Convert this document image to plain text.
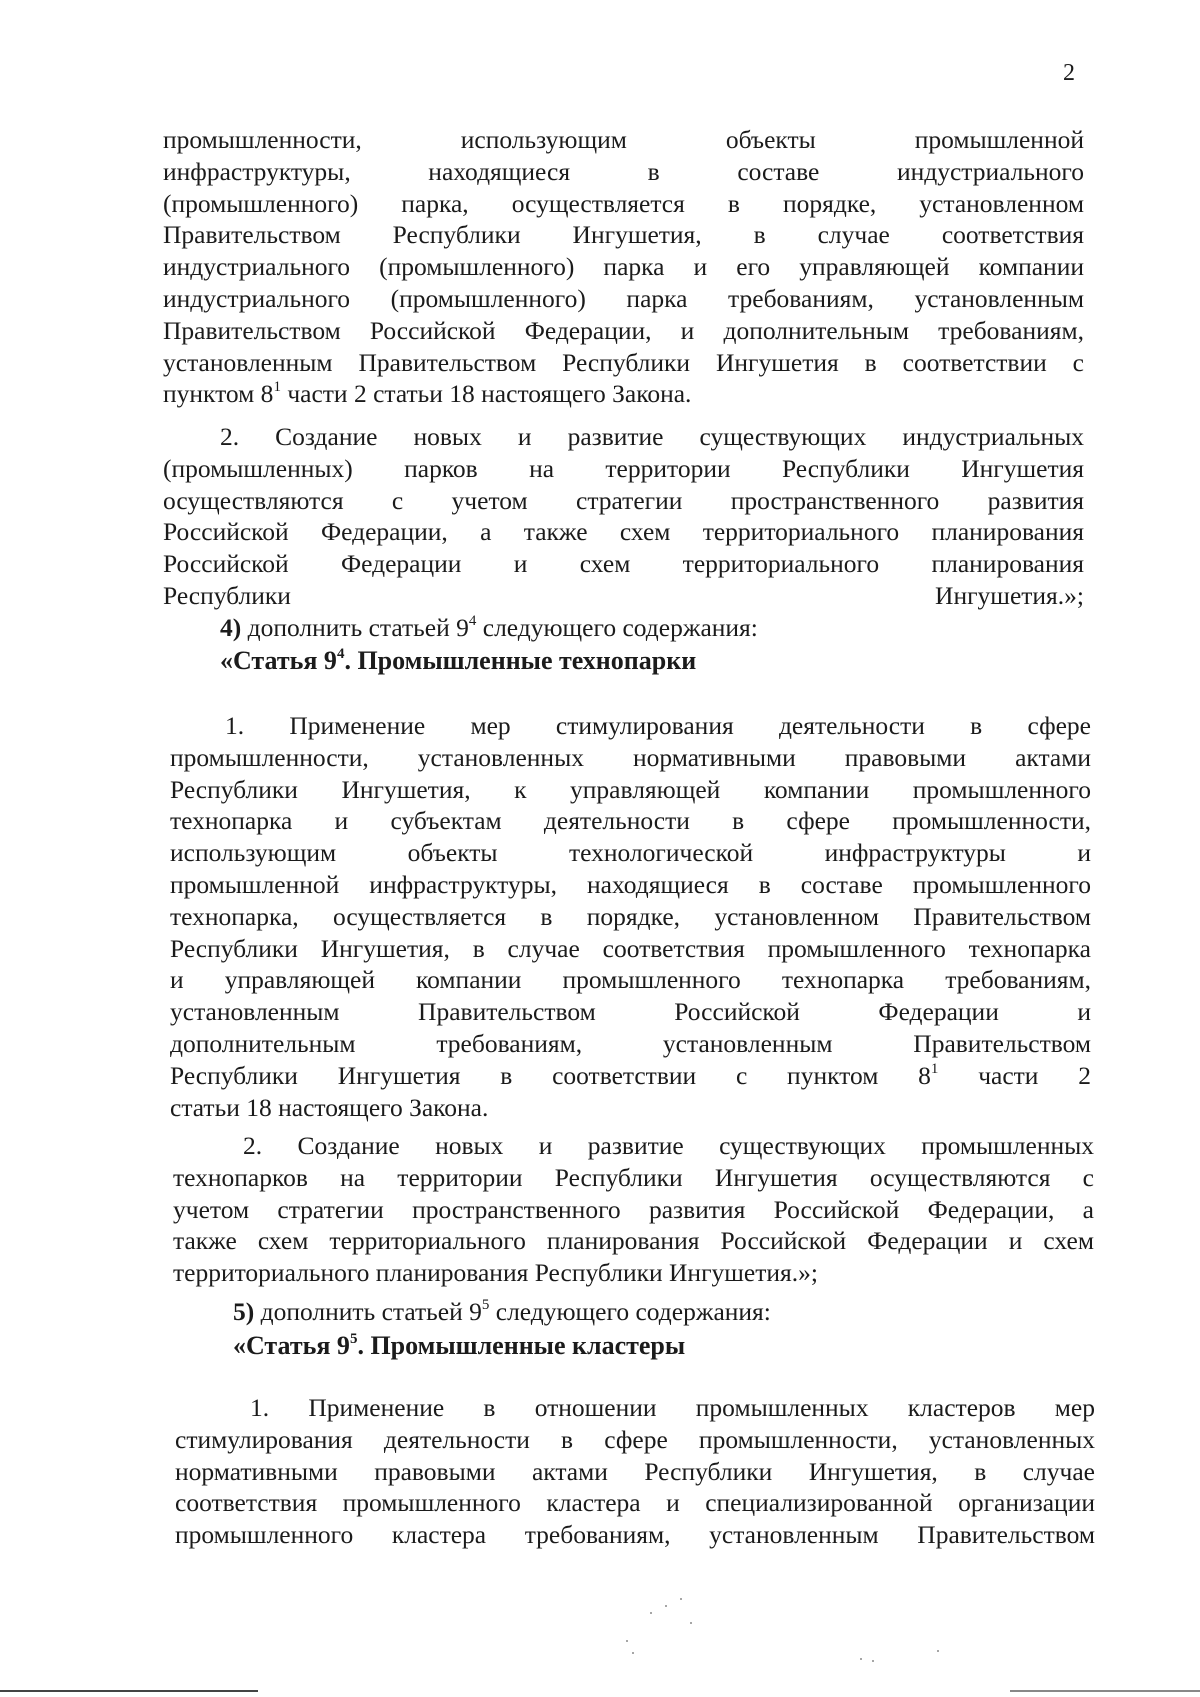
2
промышленности, использующим объекты промышленной
инфраструктуры, находящиеся в составе индустриального
(промышленного) парка, осуществляется в порядке, установленном
Правительством Республики Ингушетия, в случае соответствия
индустриального (промышленного) парка и его управляющей компании
индустриального (промышленного) парка требованиям, установленным
Правительством Российской Федерации, и дополнительным требованиям,
установленным Правительством Республики Ингушетия в соответствии с
пунктом $8^1$ части 2 статьи 18 настоящего Закона.
2. Создание новых и развитие существующих индустриальных
(промышленных) парков на территории Республики Ингушетия
осуществляются с учетом стратегии пространственного развития
Российской Федерации, а также схем территориального планирования
Российской Федерации и схем территориального планирования
Республики Ингушетия.»;
4) дополнить статьей $9^4$ следующего содержания:
«Статья $9^4$. Промышленные технопарки
1. Применение мер стимулирования деятельности в сфере
промышленности, установленных нормативными правовыми актами
Республики Ингушетия, к управляющей компании промышленного
технопарка и субъектам деятельности в сфере промышленности,
использующим объекты технологической инфраструктуры и
промышленной инфраструктуры, находящиеся в составе промышленного
технопарка, осуществляется в порядке, установленном Правительством
Республики Ингушетия, в случае соответствия промышленного технопарка
и управляющей компании промышленного технопарка требованиям,
установленным Правительством Российской Федерации и
дополнительным требованиям, установленным Правительством
Республики Ингушетия в соответствии с пунктом $8^1$ части 2
статьи 18 настоящего Закона.
2. Создание новых и развитие существующих промышленных
технопарков на территории Республики Ингушетия осуществляются с
учетом стратегии пространственного развития Российской Федерации, а
также схем территориального планирования Российской Федерации и схем
территориального планирования Республики Ингушетия.»;
5) дополнить статьей $9^5$ следующего содержания:
«Статья $9^5$. Промышленные кластеры
1. Применение в отношении промышленных кластеров мер
стимулирования деятельности в сфере промышленности, установленных
нормативными правовыми актами Республики Ингушетия, в случае
соответствия промышленного кластера и специализированной организации
промышленного кластера требованиям, установленным Правительством
